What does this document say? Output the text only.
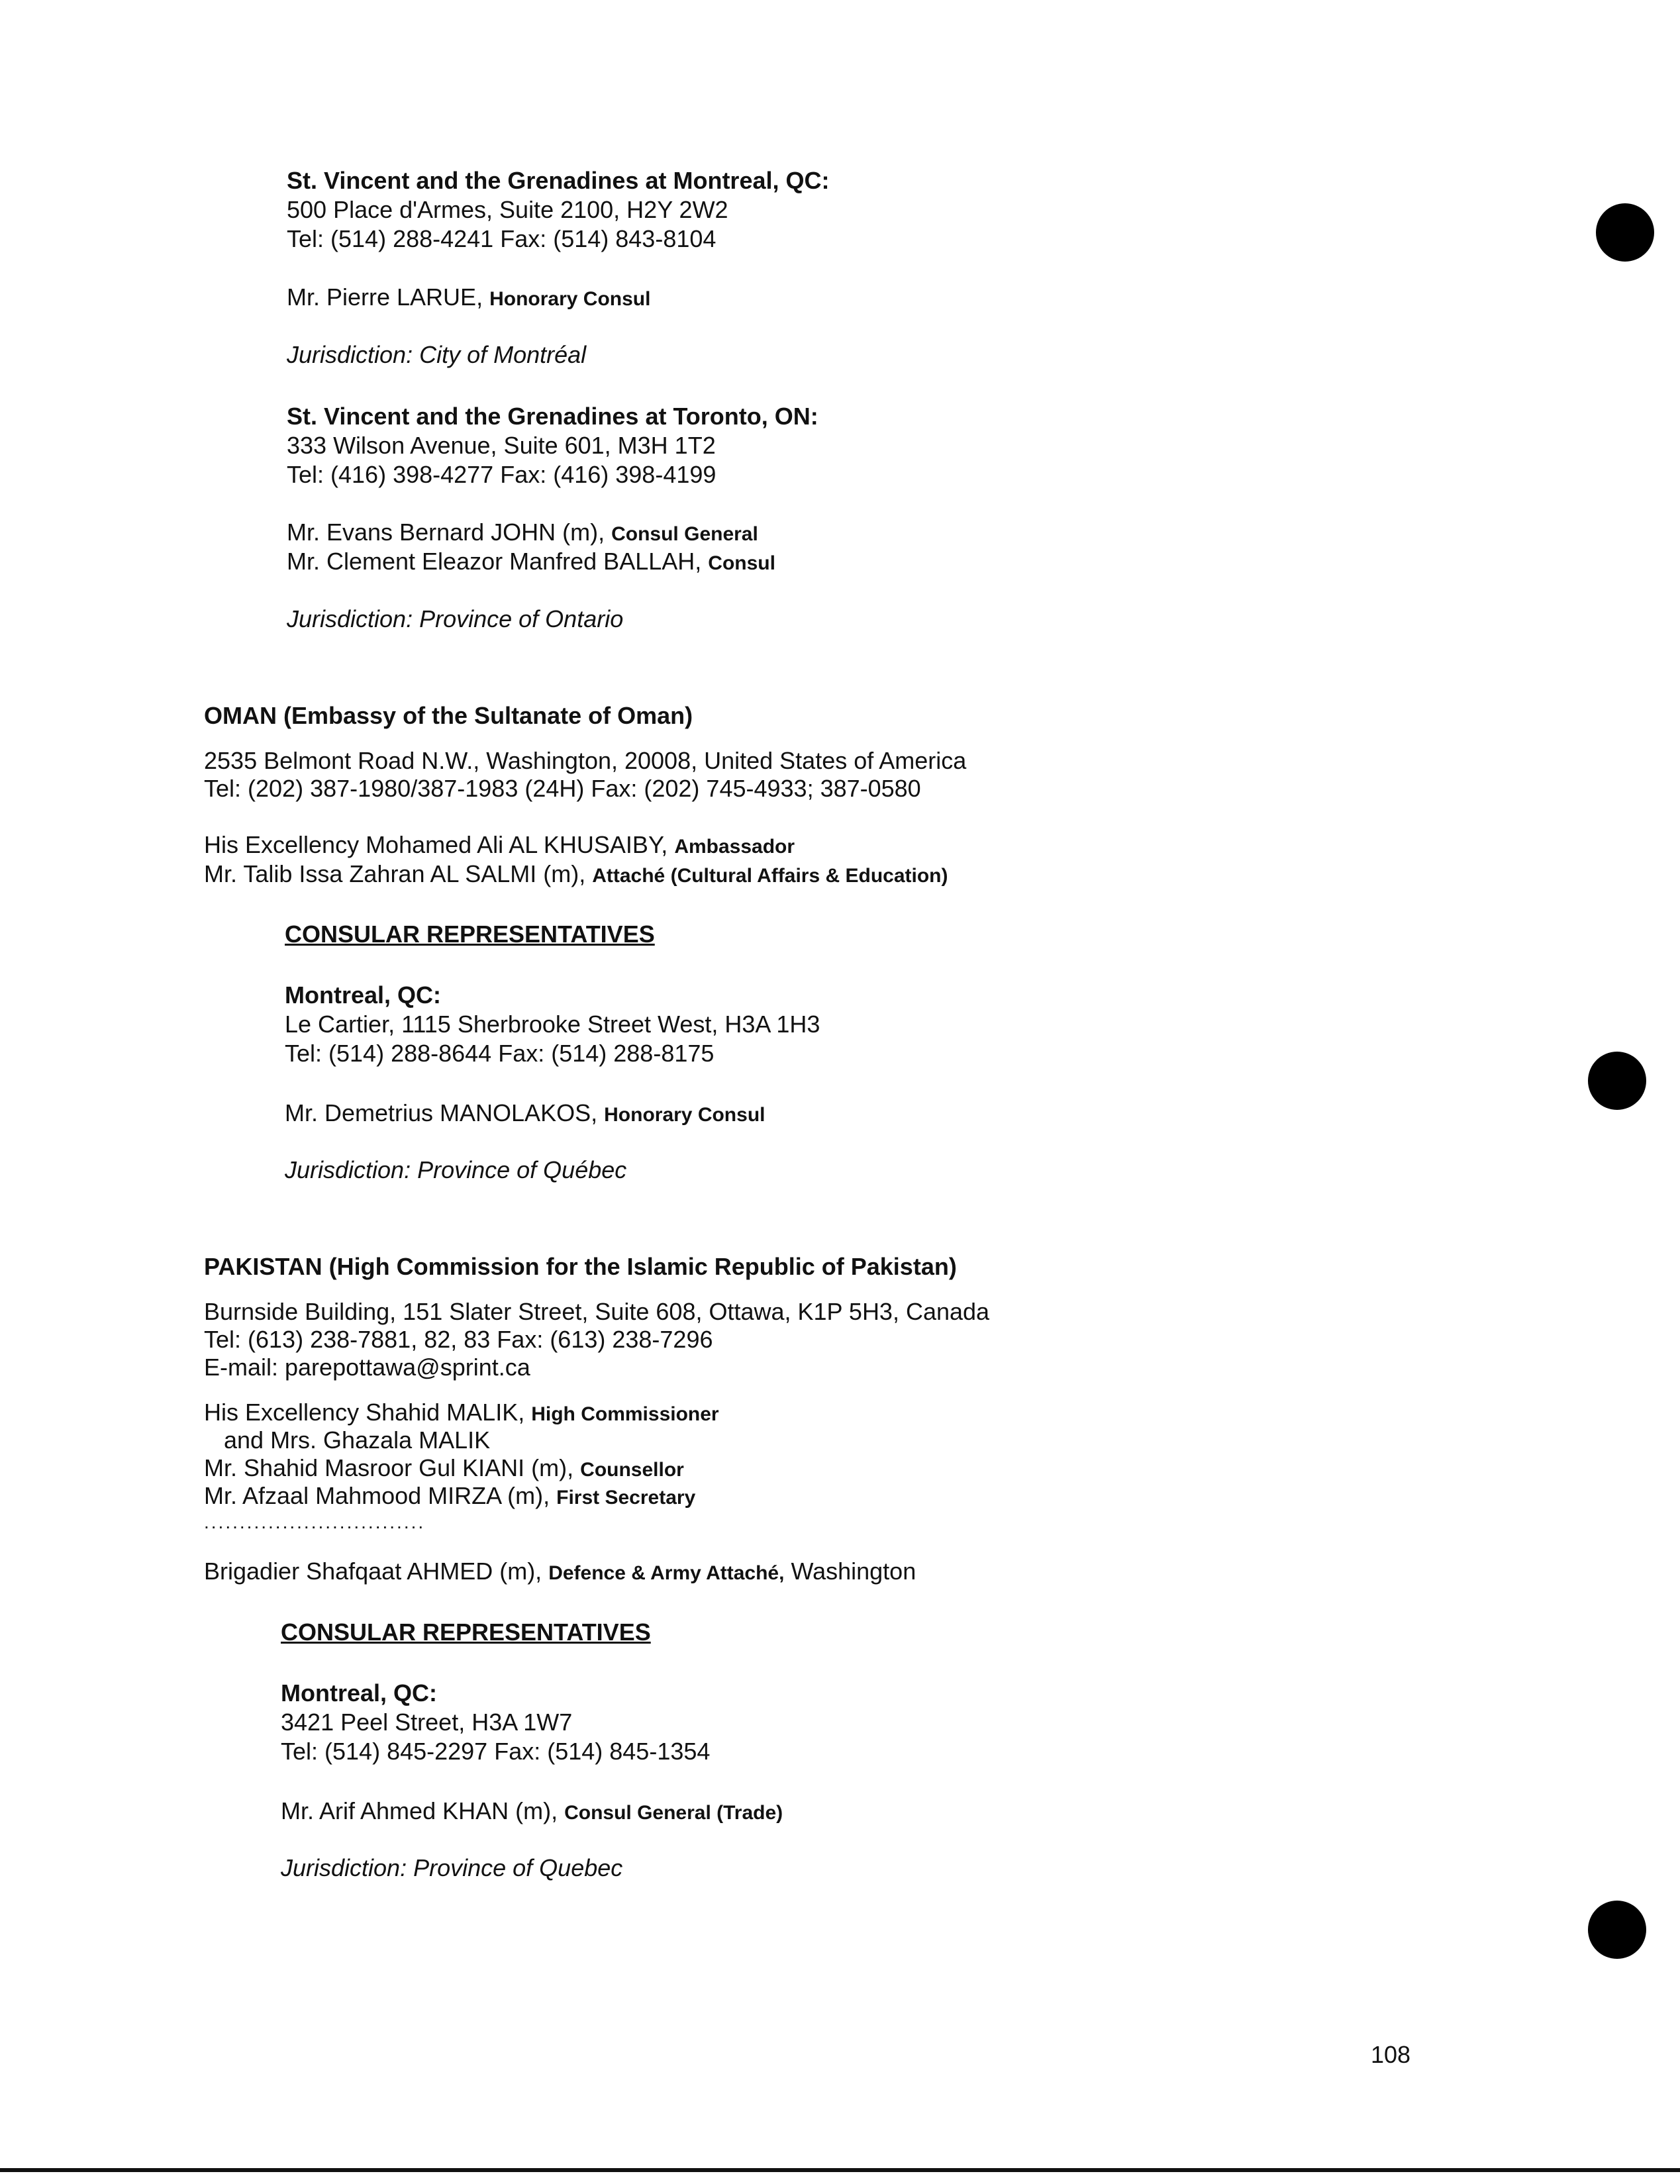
St. Vincent and the Grenadines at Montreal, QC:
500 Place d'Armes, Suite 2100, H2Y 2W2
Tel: (514) 288-4241 Fax: (514) 843-8104
Mr. Pierre LARUE, Honorary Consul
Jurisdiction: City of Montréal
St. Vincent and the Grenadines at Toronto, ON:
333 Wilson Avenue, Suite 601, M3H 1T2
Tel: (416) 398-4277 Fax: (416) 398-4199
Mr. Evans Bernard JOHN (m), Consul General
Mr. Clement Eleazor Manfred BALLAH, Consul
Jurisdiction: Province of Ontario
OMAN (Embassy of the Sultanate of Oman)
2535 Belmont Road N.W., Washington, 20008, United States of America
Tel: (202) 387-1980/387-1983 (24H) Fax: (202) 745-4933; 387-0580
His Excellency Mohamed Ali AL KHUSAIBY, Ambassador
Mr. Talib Issa Zahran AL SALMI (m), Attaché (Cultural Affairs & Education)
CONSULAR REPRESENTATIVES
Montreal, QC:
Le Cartier, 1115 Sherbrooke Street West, H3A 1H3
Tel: (514) 288-8644 Fax: (514) 288-8175
Mr. Demetrius MANOLAKOS, Honorary Consul
Jurisdiction: Province of Québec
PAKISTAN (High Commission for the Islamic Republic of Pakistan)
Burnside Building, 151 Slater Street, Suite 608, Ottawa, K1P 5H3, Canada
Tel: (613) 238-7881, 82, 83 Fax: (613) 238-7296
E-mail: parepottawa@sprint.ca
His Excellency Shahid MALIK, High Commissioner
and Mrs. Ghazala MALIK
Mr. Shahid Masroor Gul KIANI (m), Counsellor
Mr. Afzaal Mahmood MIRZA (m), First Secretary
...............................
Brigadier Shafqaat AHMED (m), Defence & Army Attaché, Washington
CONSULAR REPRESENTATIVES
Montreal, QC:
3421 Peel Street, H3A 1W7
Tel: (514) 845-2297 Fax: (514) 845-1354
Mr. Arif Ahmed KHAN (m), Consul General (Trade)
Jurisdiction: Province of Quebec
108
